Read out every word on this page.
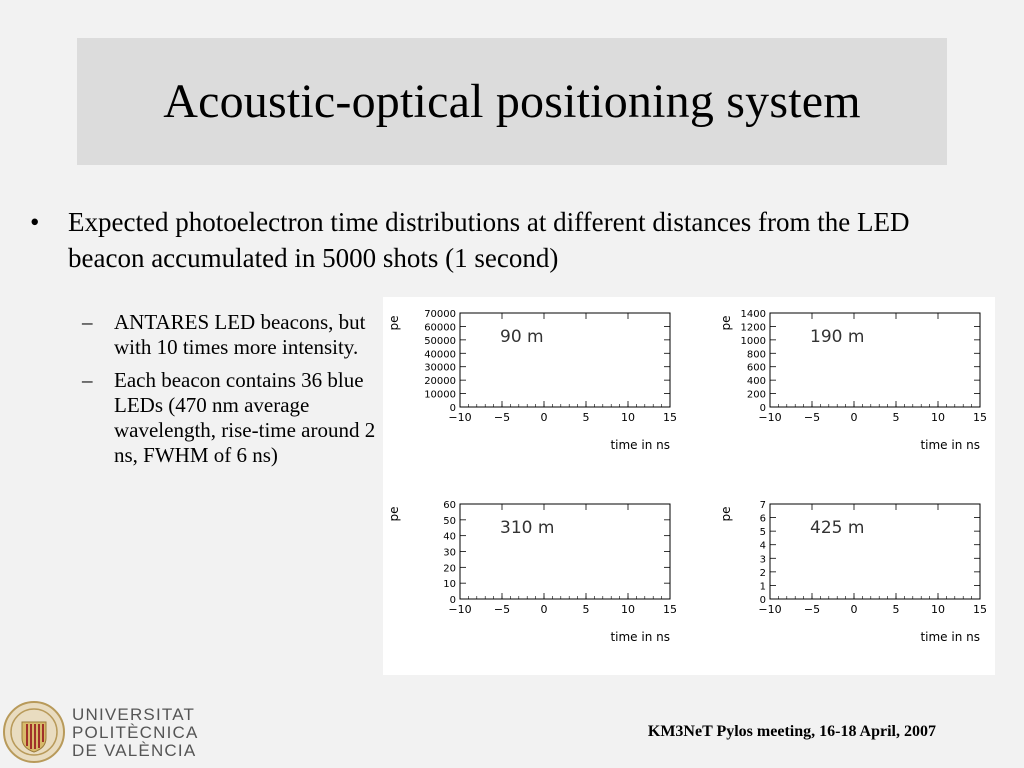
Acoustic-optical positioning system
• Expected photoelectron time distributions at different distances from the LED beacon accumulated in 5000 shots (1 second)
– ANTARES LED beacons, but with 10 times more intensity.
– Each beacon contains 36 blue LEDs (470 nm average wavelength, rise-time around 2 ns, FWHM of 6 ns)
−10 −5	0	5	10	15
0
10000
20000
30000
40000
50000
60000
70000
time in ns
pe
90 m
−10 −5	0	5	10	15
0
200
400
600
800
1000
1200
1400
time in ns
pe
190 m
−10 −5	0	5	10	15
0
10
20
30
40
50
60
time in ns
pe
310 m
−10 −5	0	5	10	15
0
1
2
3
4
5
6
7
time in ns
pe
425 m
UNIVERSITAT
POLITÈCNICA
DE VALÈNCIA
KM3NeT Pylos meeting, 16-18 April, 2007
